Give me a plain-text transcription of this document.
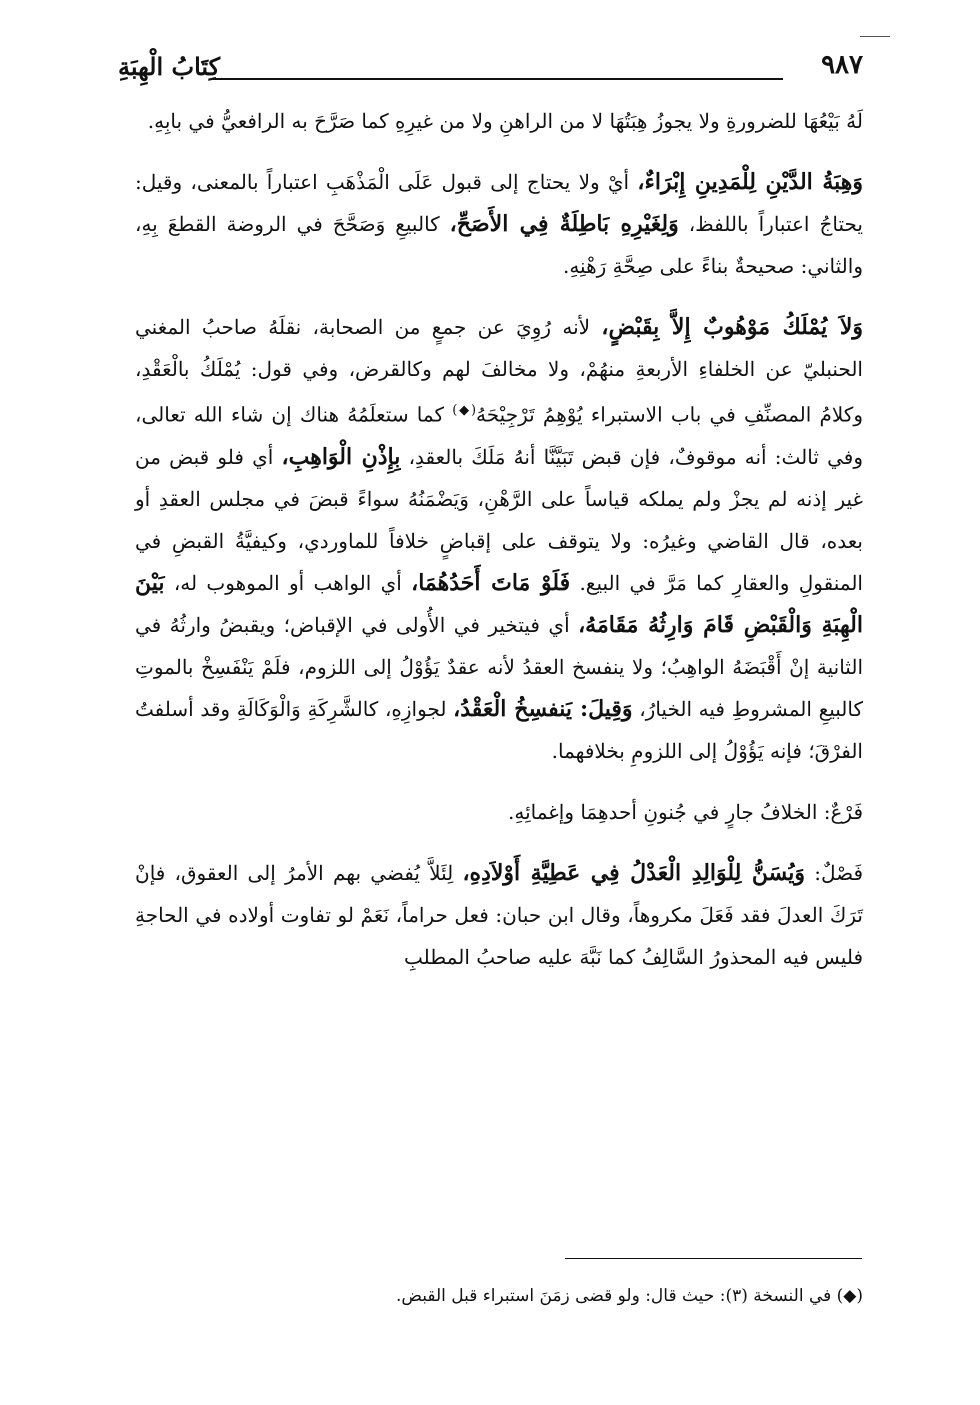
٩٨٧
كِتَابُ الْهِبَةِ

لَهُ بَيْعُهَا للضرورةِ ولا يجوزُ هِبَتُهَا لا من الراهنِ ولا من غيرِهِ كما صَرَّحَ به الرافعيُّ في بابِهِ.

وَهِبَةُ الدَّيْنِ لِلْمَدِينِ إِبْرَاءٌ، أيْ ولا يحتاج إلى قبول عَلَى الْمَذْهَبِ اعتباراً بالمعنى، وقيل: يحتاجُ اعتباراً باللفظ، وَلِغَيْرِهِ بَاطِلَةٌ فِي الأَصَحِّ، كالبيعِ وَصَحَّحَ في الروضة القطعَ بِهِ، والثاني: صحيحةٌ بناءً على صِحَّةِ رَهْنِهِ.

وَلاَ يُمْلَكُ مَوْهُوبٌ إِلاَّ بِقَبْضٍ، لأنه رُوِيَ عن جمعٍ من الصحابة، نقلَهُ صاحبُ المغني الحنبليّ عن الخلفاءِ الأربعةِ منهُمْ، ولا مخالفَ لهم وكالقرض، وفي قول: يُمْلَكُ بالْعَقْدِ، وكلامُ المصنِّفِ في باب الاستبراء يُوْهِمُ تَرْجِيْحَهُ(◆) كما ستعلَمُهُ هناك إن شاء الله تعالى، وفي ثالث: أنه موقوفٌ، فإن قبض تَبَيَّنَّا أنهُ مَلَكَ بالعقدِ، بِإِذْنِ الْوَاهِبِ، أي فلو قبض من غير إذنه لم يجزْ ولم يملكه قياساً على الرَّهْنِ، وَيَضْمَنُهُ سواءً قبضَ في مجلس العقدِ أو بعده، قال القاضي وغيرُه: ولا يتوقف على إقباضٍ خلافاً للماوردي، وكيفيَّةُ القبضِ في المنقولِ والعقارِ كما مَرَّ في البيع. فَلَوْ مَاتَ أَحَدُهُمَا، أي الواهب أو الموهوب له، بَيْنَ الْهِبَةِ وَالْقَبْضِ قَامَ وَارِثُهُ مَقَامَهُ، أي فيتخير في الأُولى في الإقباض؛ ويقبضُ وارثُهُ في الثانية إنْ أَقْبَضَهُ الواهِبُ؛ ولا ينفسخ العقدُ لأنه عقدٌ يَؤُوْلُ إلى اللزوم، فلَمْ يَنْفَسِخْ بالموتِ كالبيعِ المشروطِ فيه الخيارُ، وَقِيلَ: يَنفسِخُ الْعَقْدُ، لجوازِهِ، كالشَّرِكَةِ وَالْوَكَالَةِ وقد أسلفتُ الفرْقَ؛ فإنه يَؤُوْلُ إلى اللزومِ بخلافهما.

فَرْعٌ: الخلافُ جارٍ في جُنونِ أحدهِمَا وإغمائِهِ.

فَصْلٌ: وَيُسَنُّ لِلْوَالِدِ الْعَدْلُ فِي عَطِيَّةِ أَوْلاَدِهِ، لِئَلاَّ يُفضي بهم الأمرُ إلى العقوق، فإنْ تَرَكَ العدلَ فقد فَعَلَ مكروهاً، وقال ابن حبان: فعل حراماً، نَعَمْ لو تفاوت أولاده في الحاجةِ فليس فيه المحذورُ السَّالِفُ كما نَبَّهَ عليه صاحبُ المطلبِ

(◆) في النسخة (٣): حيث قال: ولو قضى زمَنَ استبراء قبل القبض.
